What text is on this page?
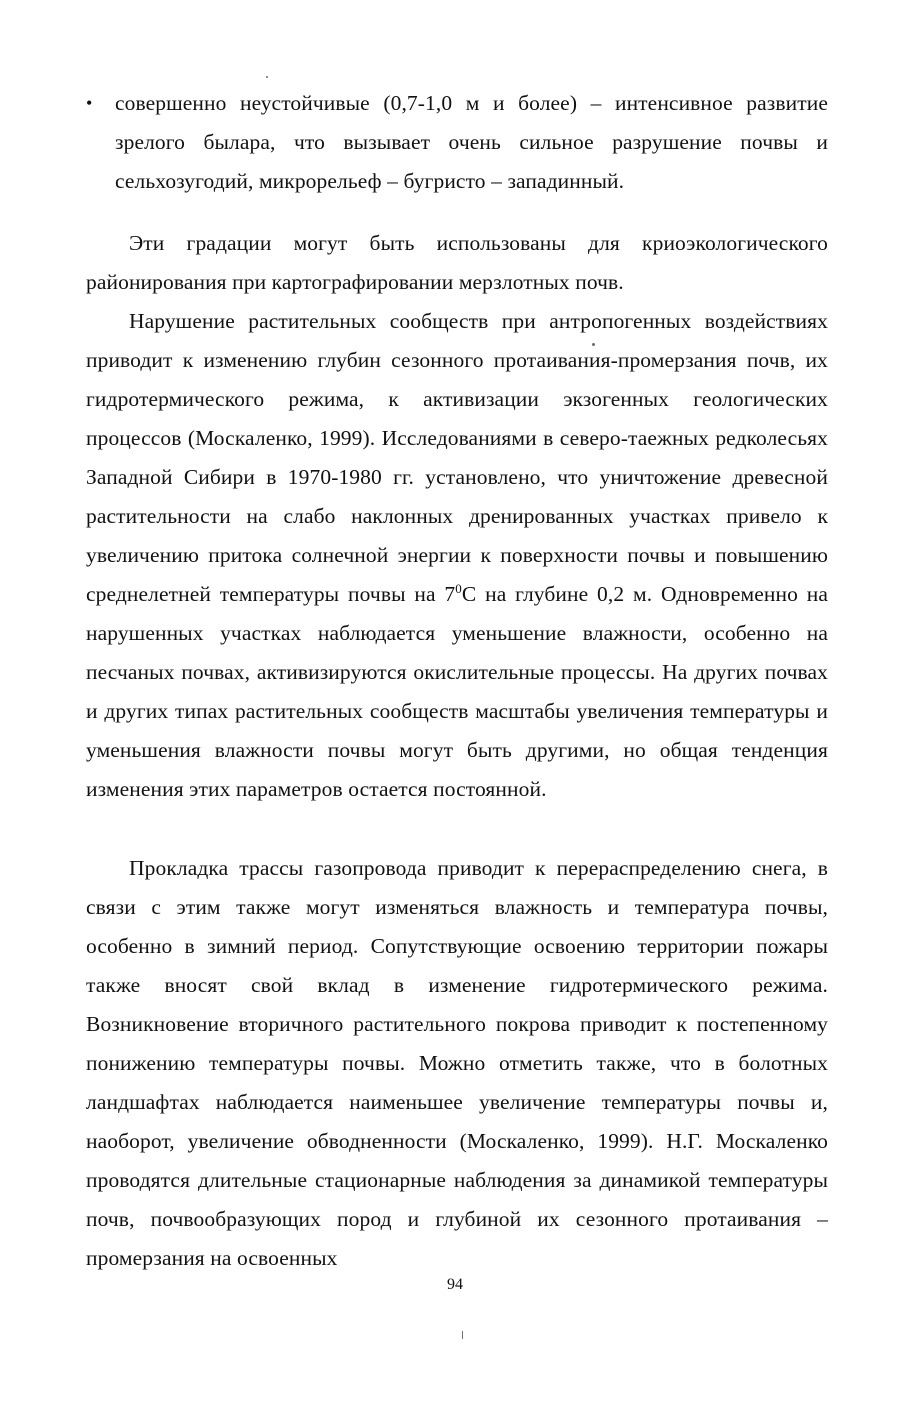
•	совершенно неустойчивые (0,7-1,0 м и более) – интенсивное развитие зрелого былара, что вызывает очень сильное разрушение почвы и сельхозугодий, микрорельеф – бугристо – западинный.

Эти градации могут быть использованы для криоэкологического районирования при картографировании мерзлотных почв.

Нарушение растительных сообществ при антропогенных воздействиях приводит к изменению глубин сезонного протаивания-промерзания почв, их гидротермического режима, к активизации экзогенных геологических процессов (Москаленко, 1999). Исследованиями в северо-таежных редколесьях Западной Сибири в 1970-1980 гг. установлено, что уничтожение древесной растительности на слабо наклонных дренированных участках привело к увеличению притока солнечной энергии к поверхности почвы и повышению среднелетней температуры почвы на $7^0С$ на глубине 0,2 м. Одновременно на нарушенных участках наблюдается уменьшение влажности, особенно на песчаных почвах, активизируются окислительные процессы. На других почвах и других типах растительных сообществ масштабы увеличения температуры и уменьшения влажности почвы могут быть другими, но общая тенденция изменения этих параметров остается постоянной.

Прокладка трассы газопровода приводит к перераспределению снега, в связи с этим также могут изменяться влажность и температура почвы, особенно в зимний период. Сопутствующие освоению территории пожары также вносят свой вклад в изменение гидротермического режима. Возникновение вторичного растительного покрова приводит к постепенному понижению температуры почвы. Можно отметить также, что в болотных ландшафтах наблюдается наименьшее увеличение температуры почвы и, наоборот, увеличение обводненности (Москаленко, 1999). Н.Г. Москаленко проводятся длительные стационарные наблюдения за динамикой температуры почв, почвообразующих пород и глубиной их сезонного протаивания – промерзания на освоенных

94
